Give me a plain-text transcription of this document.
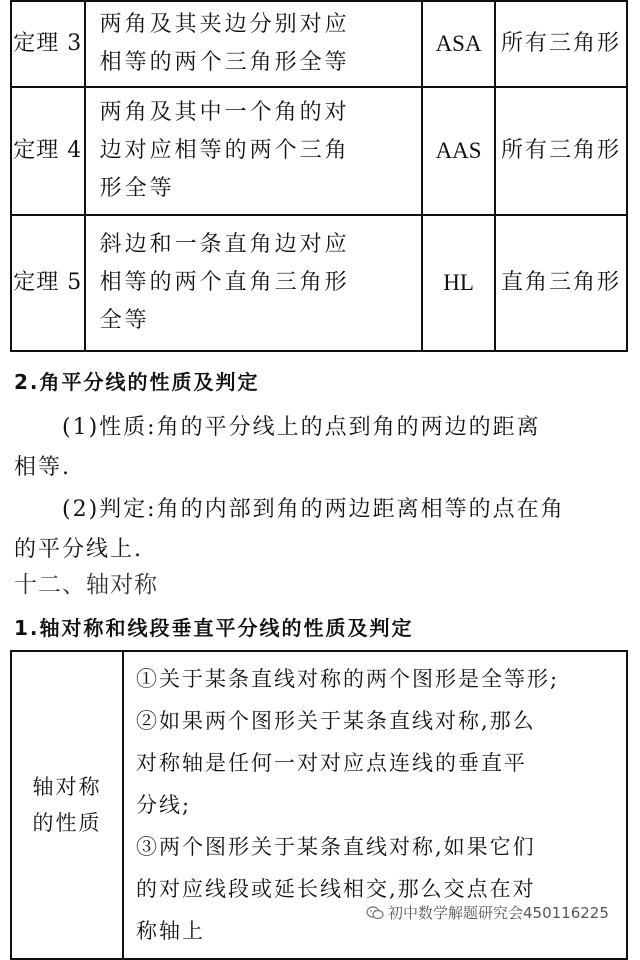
定理 3	两角及其夹边分别对应
相等的两个三角形全等	ASA	所有三角形
定理 4	两角及其中一个角的对
边对应相等的两个三角
形全等	AAS	所有三角形
定理 5	斜边和一条直角边对应
相等的两个直角三角形
全等	HL	直角三角形
2.角平分线的性质及判定
(1)性质:角的平分线上的点到角的两边的距离
相等.
(2)判定:角的内部到角的两边距离相等的点在角
的平分线上.
十二、轴对称
1.轴对称和线段垂直平分线的性质及判定
轴对称
的性质

①关于某条直线对称的两个图形是全等形;
②如果两个图形关于某条直线对称,那么
对称轴是任何一对对应点连线的垂直平
分线;
③两个图形关于某条直线对称,如果它们
的对应线段或延长线相交,那么交点在对
称轴上
初中数学解题研究会450116225
